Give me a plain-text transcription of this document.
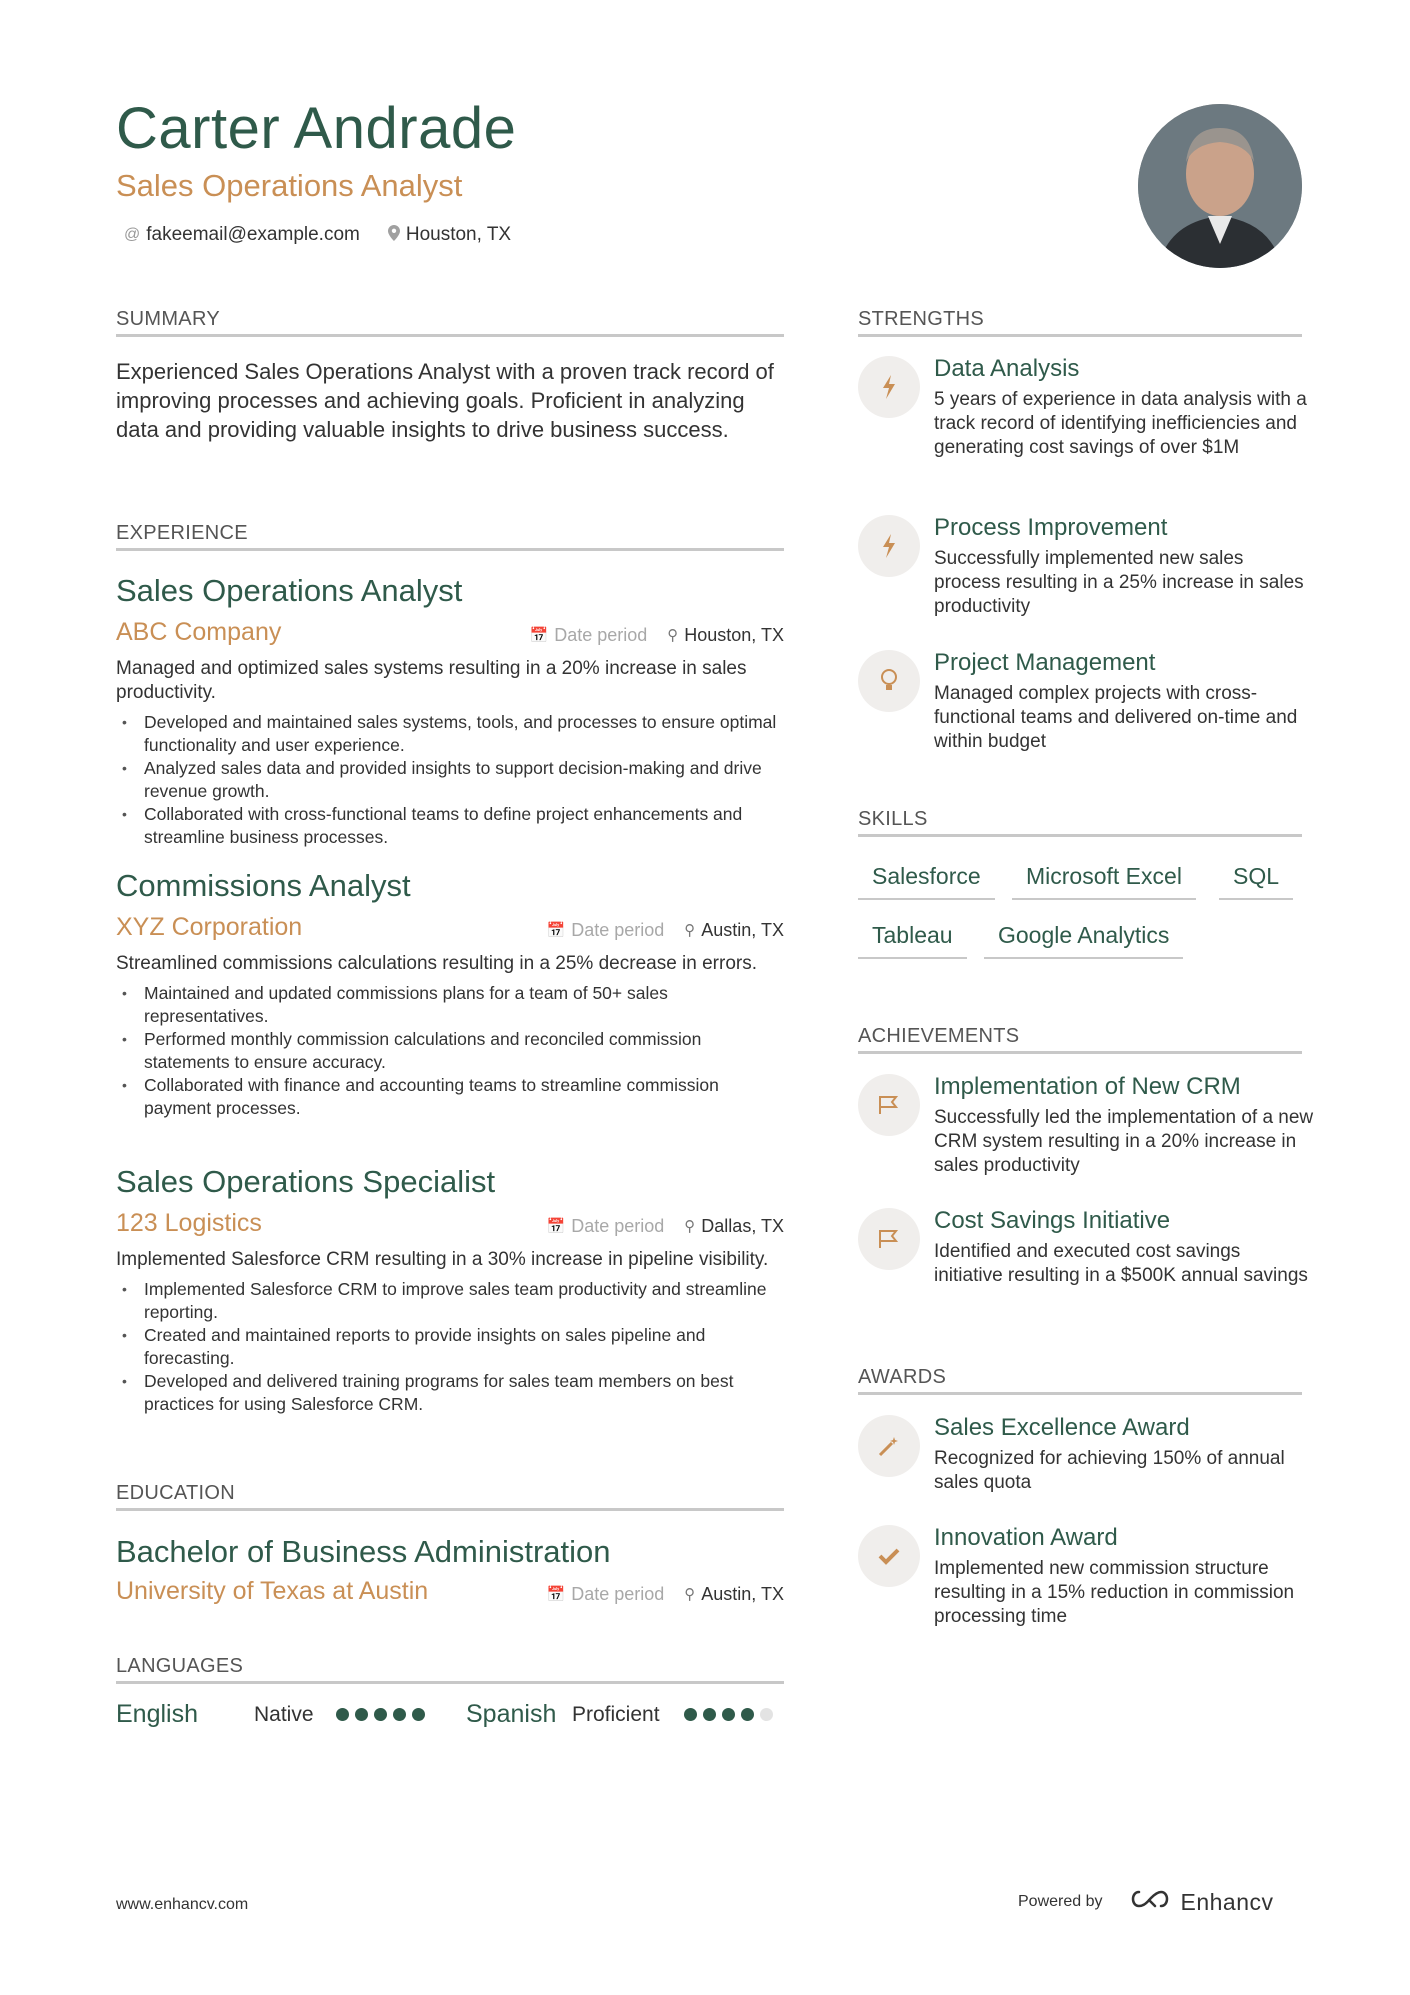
Carter Andrade
Sales Operations Analyst
@ fakeemail@example.com Houston, TX
SUMMARY
Experienced Sales Operations Analyst with a proven track record of improving processes and achieving goals. Proficient in analyzing data and providing valuable insights to drive business success.
EXPERIENCE
Sales Operations Analyst
ABC Company	📅 Date period ⚲ Houston, TX
Managed and optimized sales systems resulting in a 20% increase in sales productivity.
• Developed and maintained sales systems, tools, and processes to ensure optimal functionality and user experience.
• Analyzed sales data and provided insights to support decision-making and drive revenue growth.
• Collaborated with cross-functional teams to define project enhancements and streamline business processes.
Commissions Analyst
XYZ Corporation	📅 Date period ⚲ Austin, TX
Streamlined commissions calculations resulting in a 25% decrease in errors.
• Maintained and updated commissions plans for a team of 50+ sales representatives.
• Performed monthly commission calculations and reconciled commission statements to ensure accuracy.
• Collaborated with finance and accounting teams to streamline commission payment processes.
Sales Operations Specialist
123 Logistics	📅 Date period ⚲ Dallas, TX
Implemented Salesforce CRM resulting in a 30% increase in pipeline visibility.
• Implemented Salesforce CRM to improve sales team productivity and streamline reporting.
• Created and maintained reports to provide insights on sales pipeline and forecasting.
• Developed and delivered training programs for sales team members on best practices for using Salesforce CRM.
EDUCATION
Bachelor of Business Administration
University of Texas at Austin	📅 Date period ⚲ Austin, TX
LANGUAGES
English	Native	Spanish Proficient
STRENGTHS
Data Analysis
5 years of experience in data analysis with a track record of identifying inefficiencies and generating cost savings of over $1M
Process Improvement
Successfully implemented new sales process resulting in a 25% increase in sales productivity
Project Management
Managed complex projects with cross-functional teams and delivered on-time and within budget
SKILLS
Salesforce	Microsoft Excel	SQL
Tableau	Google Analytics
ACHIEVEMENTS
Implementation of New CRM
Successfully led the implementation of a new CRM system resulting in a 20% increase in sales productivity
Cost Savings Initiative
Identified and executed cost savings initiative resulting in a $500K annual savings
AWARDS
Sales Excellence Award
Recognized for achieving 150% of annual sales quota
Innovation Award
Implemented new commission structure resulting in a 15% reduction in commission processing time
www.enhancv.com	Powered by	Enhancv
